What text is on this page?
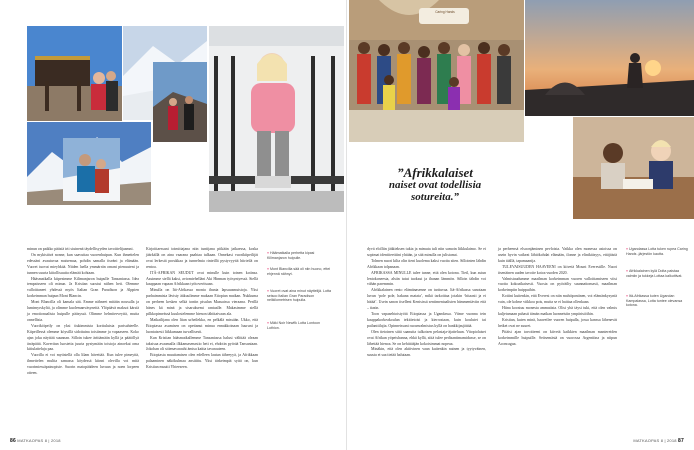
« Häämatkalla perhetta kipasi Kilimanjaron huipulle.
« Mont Blancilla sää oli niin huono, ettei ehjennä nähnyt.
« Vuoret ovat aina minut näyttelijä. Lotta seisoo Italian Gran Paradison nelikilometrisen huipulla.
« Mäki Noir Newfik Lotta Lontoon Lothion.
Caring Hands
”Afrikkalaiset
naiset ovat todellisia
sotureita.”
« Ugandassa Lotta tuken rupea Caring Hands -järjestön kautta.
« Afrikkalainen kylä Dolta paistaa valmiin ja tukkeja Lottaa kalkuttivat.
« Itä-Afrikassa kuten Ugandan Kampalassa, Lotta tuntee olevansa kotona.

minun on paikko päästä irti siuinenä täydellisyyden tavoittelijaamni.

On mykistävä nonne, kun saavuttaa vuorenhuipun. Kun ihmettelen edessäni avautuvaa maisemaa, pohdin samalla itseäni ja elämään. Vuoret tuovat mieyhkää. Niiden laella ymmärrän omani pienuuteni ja tunnen suurta kiitollisuutta elämää kohtaan.

Hääsmatkalla kiipesimme Kilimanjaron huipulle Tansaniassa. Idea tempaisseen oli minun. Ja Kristian suostui niihen heti. Olemme valloittaneet yhdessä myös Italian Gran Paradison ja Alppien korkeimman huipun Mont Blancin.

Mont Blancilla oli kamala sää. Emme nähneet mitään nousulla ja lumimyrskyltä, ja olimme kuolemanväsyneitä. Ylöpäävä maksoi kärsiä ja emotionaalista huipulle pääsyssä. Olimme helmiterveyttä, mutta onnellisia.

Vuoriköipeily on yksi tiukimmista korttuluista parisuhteelle. Kiipeillessä olemme köysillä sidottuina toisiimme ja vapaaseen. Koko ajan joku näyttää suunnan. Silloin tukee ärittämään kyllä ja päätöllyä ärräpäitä. Kaveritan luostetta juuria pystymään toistoja ainoekai oma kitiulatteluja paa.

Vuorilla ei voi mytistellä olla lilam hävettää. Kun tulee pimeyttä, ihmettelen multta samassa köydessä kiinni olevilla voi mitä vuorimiessäpainopiste. Suorin matopäädeen luvuan ja noen lorpeen otteen.

Kirjoittaessani toimittajana niin tuntijana pitkään jatkaessa, koska jäärkällä on aina vaarana paahtaa tulkaan. Onnekasi vuorikiipeilijät ovat lerkestä porukkaa ja tunnelmia rinteillä pystyvyyttä hiirteilä on rentoa.

ITÄ-AFRIKAN SEUDUT ovat minulle kuin toinen kotinsa. Asuimme siellä kaksi, aviomiehelläni Aki Hinman työsyntyessä. Siellä kauppaan vapaan Afrikkaan työtoveritsaan.

Minulla on Itä-Afrikassa monia ihania lapsuusmuistoja. Yksi parhaimmista lävisty ääkuulimme mukaan Etiopian matkan. Nukkuma on perheen kesken selkä tontin pisulan Maasaissa vieraana. Perillä hänes kä minä ja sisaruksemi rantaalle. Makasimme siellä pilkkopimeässä kuulostelemme hienon tähtitaivaan ala.

Matkailijana olen liian urheilekka, en pelkälä missään. Ukko, että Etiopiassa asumisen on opettanut minua ennakkoinaan luuruni ja luontaisesti liikkumaan turvallisesti.

Kun Kristian hääsmatkallemme Tansaniassa halusi välittää oleaan taksisaa avaamalla ilkkamasenastio heti ei, ehdotin pyörää Tansaniaan. Jokohan oli sittenavaraahi ämisa kaitta tavarauteen.

Etiopiasta muuttamisen olen edelleen laatun täheeyyä, ja Afrikkaan palaaminen näkökulmaa ansitittu. Yksi tärkeimpiä syitä on, kun Kristian muutti Yhteeseen.

dyvä elolliin jääkieksen tukia ja mimuta tuli niin samoin liikkulaimo. Se ei sopimat identiteettiini yhtään, ja sitä minulla on julistanut.

Tolmen nuori kilta olin tieni kuolema kaksi vuotta siten. Sillointen lähdin Afrikkaan tolpanaan.

AFRIKASSA MINULLE tulee tunne, että olen kotona. Tietl, kun astun lentokoneesta, alstin tutut tuoksut ja ihanan lämmön. Silloin tähdin voi vähän paremmin.

Afrikkalainen rento elämänasenne on tarttuvaa. Itä-Afrikassa sanotaan luvun ‘pole pole, hakuna matata’, mikä tarkoittaa jotakin ‘hitaasti ja ei hätää’. Usein sanon itselleni Kenisissä sentimentaalisten hämmentäviin että – tiasin.

Toon vapaaehtoistyötä Etiopiassa ja Ugandassa. Viime vuonna tein kauppakorkeakoulun tekitietoisi ja kierrostaan, kuin koulutet tai pailanttilajia. Opinneissani ruoanvalmistus kyllä on hankkijasjättää.

Olen tietoinen siitä saanutta tulkotsen pelastaja-äjatteluun. Vitopiolaiset ovat Afrikan yöpeishanna, ehkä kyllä, siitä tulee pedisantimamidusse, se on lähettää hienoa. Se on kehittääjän kokoisimmat nopeaa.

Minäkin, että olen aktiivinen vaan kuitenkin nainen ja tyytyväinen, suusta ei saa tietää halutaan.

ja perheensä elsoonjäminen pevloista. Vaikka olen monessa asioissa on usein hyvin vaikeat lähtökohdat elämään, ilonne ja elinikäisyys, ettäjäistä kuin täällä, tapamaanija.

TULEVAISUUDEN HAAVEENI on kiivetä Mount Everestille. Nuori itsenäinen uuden tavoite kotoa vuoden 2020.

Valmistaudumme maailman korkeimman vuoren valloittamiseen viisi vuotta kokoaikaisesti. Vuosia on pyöräilty suunnattomasti, maailman korkeimpiin huippuihin.

Kotiini kuitenkin, että Everest on niin mahtipontinen, voi elämänkysyntä vain, ole kolme viikkoa pois, mutta se ei haittaa ollenkaan.

Hiina koostuu monesta ammatista. Olisi yhä täysi tuki, että olen valmis kuljetamaan pahasti tämän matkan luonneisiin ympäristöihin.

Kristian, kuten minä, haaveilee vuoren huipulla, jossa kanssa lähenevät hetket ovat ne suuret.

Pitäisi ajan tavoitteeni on kiivetä kaikkien maailman mantereiden korkeimmille huipuille. Seitsemästä on vuorossa Argentiina ja niipun Aconcagua.

86 MATKAOPAS 8 | 2018	MATKAOPAS 8 | 2018 87
